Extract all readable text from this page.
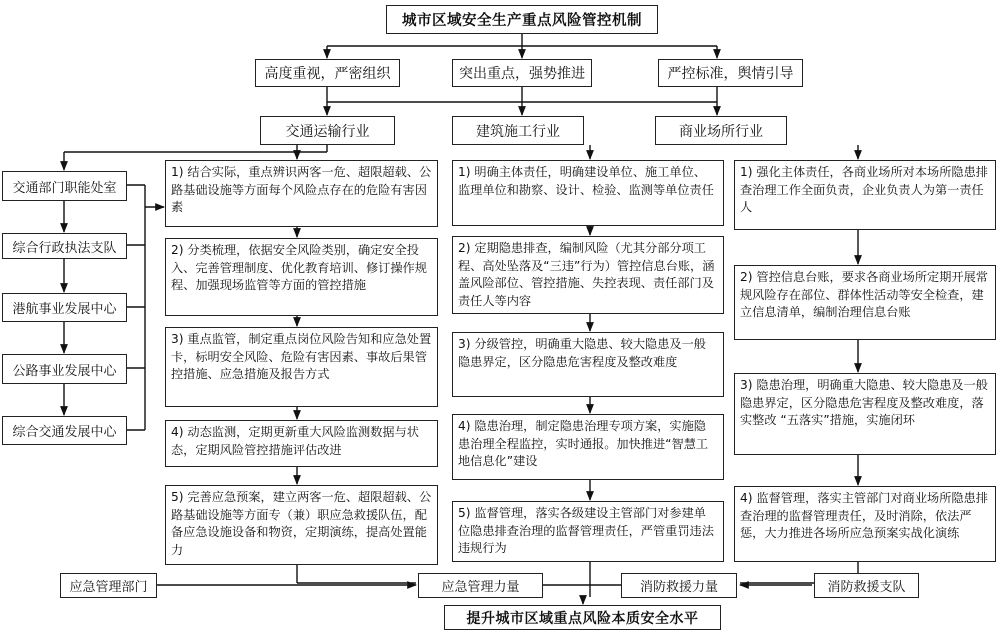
城市区域安全生产重点风险管控机制
高度重视，严密组织	突出重点，强势推进	严控标准，舆情引导
交通运输行业	建筑施工行业	商业场所行业
交通部门职能处室
综合行政执法支队
港航事业发展中心
公路事业发展中心
综合交通发展中心
1) 结合实际，重点辨识两客一危、超限超载、公路基础设施等方面每个风险点存在的危险有害因素
2) 分类梳理，依据安全风险类别，确定安全投入、完善管理制度、优化教育培训、修订操作规程、加强现场监管等方面的管控措施
3) 重点监管，制定重点岗位风险告知和应急处置卡，标明安全风险、危险有害因素、事故后果管控措施、应急措施及报告方式
4) 动态监测，定期更新重大风险监测数据与状态，定期风险管控措施评估改进
5) 完善应急预案，建立两客一危、超限超载、公路基础设施等方面专（兼）职应急救援队伍，配备应急设施设备和物资，定期演练，提高处置能力
1) 明确主体责任，明确建设单位、施工单位、监理单位和勘察、设计、检验、监测等单位责任
2) 定期隐患排查，编制风险（尤其分部分项工程、高处坠落及“三违”行为）管控信息台账，涵盖风险部位、管控措施、失控表现、责任部门及责任人等内容
3) 分级管控，明确重大隐患、较大隐患及一般隐患界定，区分隐患危害程度及整改难度
4) 隐患治理，制定隐患治理专项方案，实施隐患治理全程监控，实时通报。加快推进“智慧工地信息化”建设
5) 监督管理，落实各级建设主管部门对参建单位隐患排查治理的监督管理责任，严管重罚违法违规行为
1) 强化主体责任，各商业场所对本场所隐患排查治理工作全面负责，企业负责人为第一责任人
2) 管控信息台账，要求各商业场所定期开展常规风险存在部位、群体性活动等安全检查，建立信息清单，编制治理信息台账
3) 隐患治理，明确重大隐患、较大隐患及一般隐患界定，区分隐患危害程度及整改难度，落实整改 “五落实”措施，实施闭环
4) 监督管理，落实主管部门对商业场所隐患排查治理的监督管理责任，及时消除，依法严惩，大力推进各场所应急预案实战化演练
应急管理部门	应急管理力量	消防救援力量	消防救援支队
提升城市区域重点风险本质安全水平
